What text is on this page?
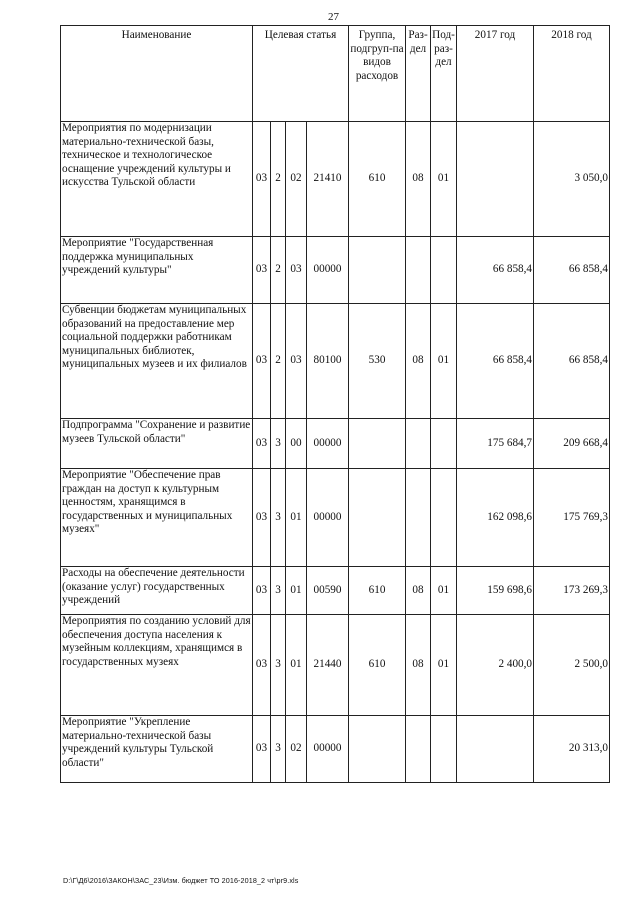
27
Наименование	Целевая статья				Группа, подгруп-па видов расходов	Раз-дел	Под-раз-дел	2017 год	2018 год
Мероприятия по модернизации материально-технической базы, техническое и технологическое оснащение учреждений культуры и искусства Тульской области	03	2	02	21410	610	08	01		3 050,0
Мероприятие "Государственная поддержка муниципальных учреждений культуры"	03	2	03	00000				66 858,4	66 858,4
Субвенции бюджетам муниципальных образований на предоставление мер социальной поддержки работникам муниципальных библиотек, муниципальных музеев и их филиалов	03	2	03	80100	530	08	01	66 858,4	66 858,4
Подпрограмма "Сохранение и развитие музеев Тульской области"	03	3	00	00000				175 684,7	209 668,4
Мероприятие "Обеспечение прав граждан на доступ к культурным ценностям, хранящимся в государственных и муниципальных музеях"	03	3	01	00000				162 098,6	175 769,3
Расходы на обеспечение деятельности (оказание услуг) государственных учреждений	03	3	01	00590	610	08	01	159 698,6	173 269,3
Мероприятия по созданию условий для обеспечения доступа населения к музейным коллекциям, хранящимся в государственных музеях	03	3	01	21440	610	08	01	2 400,0	2 500,0
Мероприятие "Укрепление материально-технической базы учреждений культуры Тульской области"	03	3	02	00000					20 313,0
D:\Г\Д6\2016\ЗАКОН\ЗАС_23\Изм. бюджет ТО 2016-2018_2 чт\pr9.xls
